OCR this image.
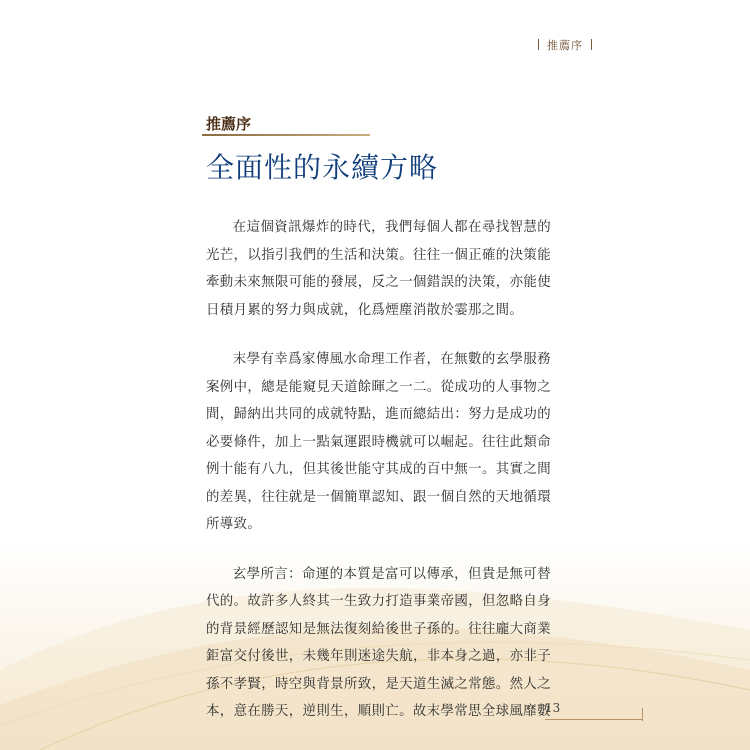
推薦序
推薦序
全面性的永續方略

在這個資訊爆炸的時代，我們每個人都在尋找智慧的光芒，以指引我們的生活和決策。往往一個正確的決策能牽動未來無限可能的發展，反之一個錯誤的決策，亦能使日積月累的努力與成就，化爲煙塵消散於霎那之間。

末學有幸爲家傳風水命理工作者，在無數的玄學服務案例中，總是能窺見天道餘暉之一二。從成功的人事物之間，歸納出共同的成就特點，進而總結出：努力是成功的必要條件，加上一點氣運跟時機就可以崛起。往往此類命例十能有八九，但其後世能守其成的百中無一。其實之間的差異，往往就是一個簡單認知、跟一個自然的天地循環所導致。

玄學所言：命運的本質是富可以傳承，但貴是無可替代的。故許多人終其一生致力打造事業帝國，但忽略自身的背景經歷認知是無法復刻給後世子孫的。往往龐大商業鉅富交付後世，未幾年則迷途失航，非本身之過，亦非子孫不孝賢，時空與背景所致，是天道生滅之常態。然人之本，意在勝天，逆則生，順則亡。故末學常思全球風靡數

13
